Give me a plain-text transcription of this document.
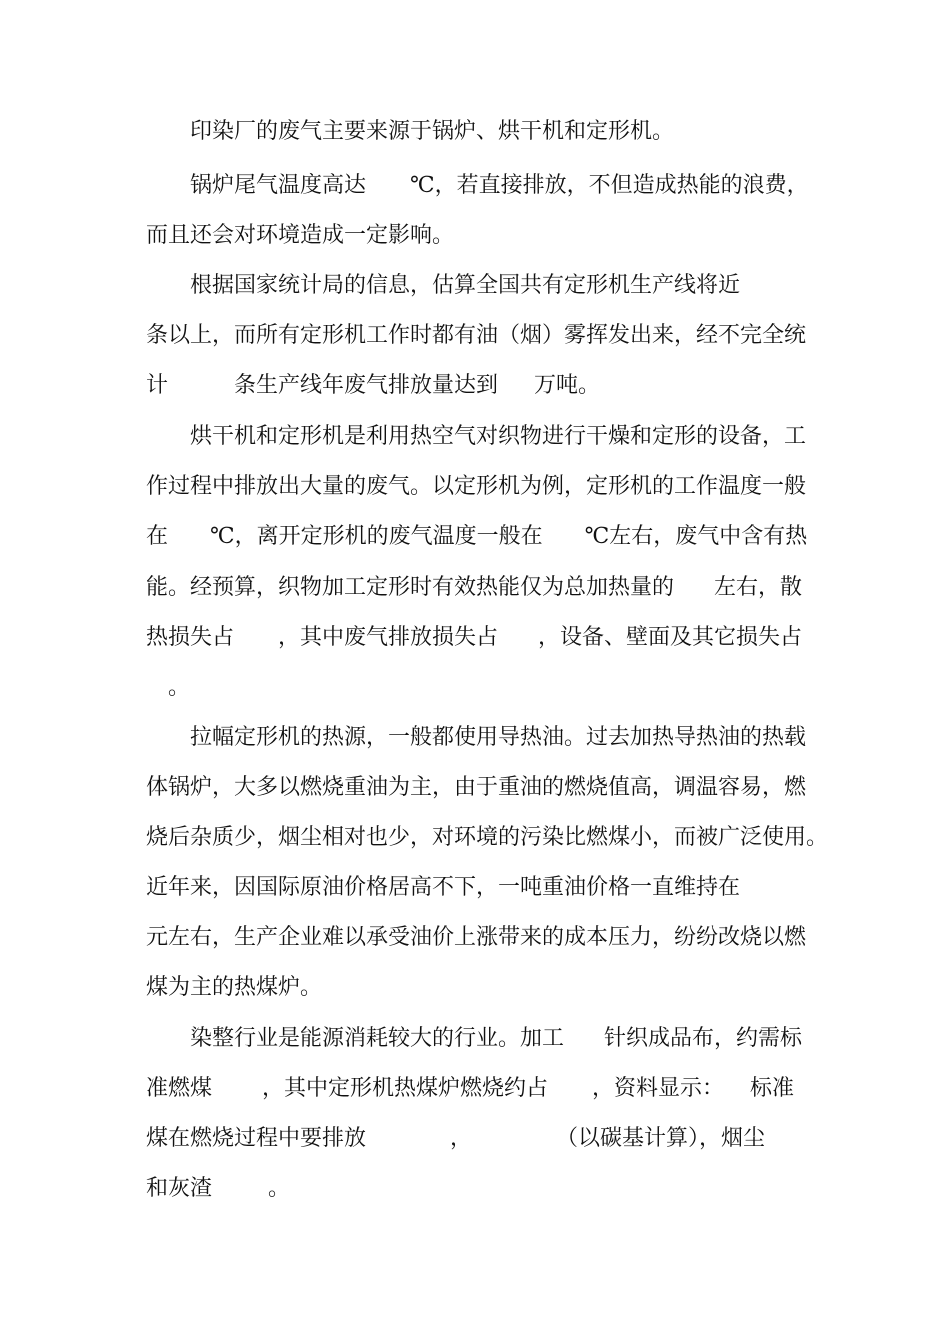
印染厂的废气主要来源于锅炉、烘干机和定形机。
锅炉尾气温度高达 ℃，若直接排放，不但造成热能的浪费，
而且还会对环境造成一定影响。
根据国家统计局的信息，估算全国共有定形机生产线将近
条以上，而所有定形机工作时都有油（烟）雾挥发出来，经不完全统
计	条生产线年废气排放量达到 万吨。
烘干机和定形机是利用热空气对织物进行干燥和定形的设备，工
作过程中排放出大量的废气。以定形机为例，定形机的工作温度一般
在 ℃，离开定形机的废气温度一般在 ℃左右，废气中含有热
能。经预算，织物加工定形时有效热能仅为总加热量的 左右，散
热损失占 ，其中废气排放损失占 ，设备、壁面及其它损失占
。
拉幅定形机的热源，一般都使用导热油。过去加热导热油的热载
体锅炉，大多以燃烧重油为主，由于重油的燃烧值高，调温容易，燃
烧后杂质少，烟尘相对也少，对环境的污染比燃煤小，而被广泛使用。
近年来，因国际原油价格居高不下，一吨重油价格一直维持在
元左右，生产企业难以承受油价上涨带来的成本压力，纷纷改烧以燃
煤为主的热煤炉。
染整行业是能源消耗较大的行业。加工 针织成品布，约需标
准燃煤 ，其中定形机热煤炉燃烧约占 ，资料显示： 标准
煤在燃烧过程中要排放	，	（以碳基计算），烟尘
和灰渣	。
